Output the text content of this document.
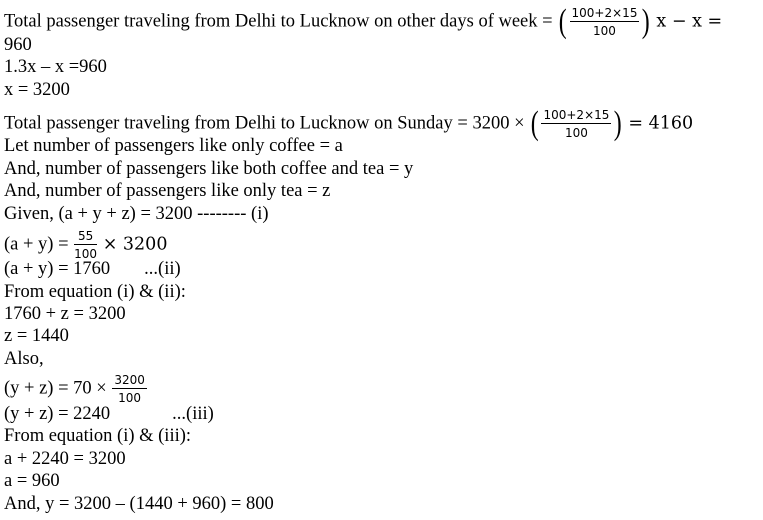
Total passenger traveling from Delhi to Lucknow on other days of week = ( $\frac{100+2\times 15}{100}$ ) x − x =
960
1.3x – x =960
x = 3200
Total passenger traveling from Delhi to Lucknow on Sunday = 3200 × ( $\frac{100+2\times 15}{100}$ ) = 4160
Let number of passengers like only coffee = a
And, number of passengers like both coffee and tea = y
And, number of passengers like only tea = z
Given, (a + y + z) = 3200 -------- (i)
$(a + y) = \frac{55}{100} \times 3200$
(a + y) = 1760 ...(ii)
From equation (i) & (ii):
1760 + z = 3200
z = 1440
Also,
$(y + z) = 70 \times \frac{3200}{100}$
(y + z) = 2240	...(iii)
From equation (i) & (iii):
a + 2240 = 3200
a = 960
And, y = 3200 – (1440 + 960) = 800
